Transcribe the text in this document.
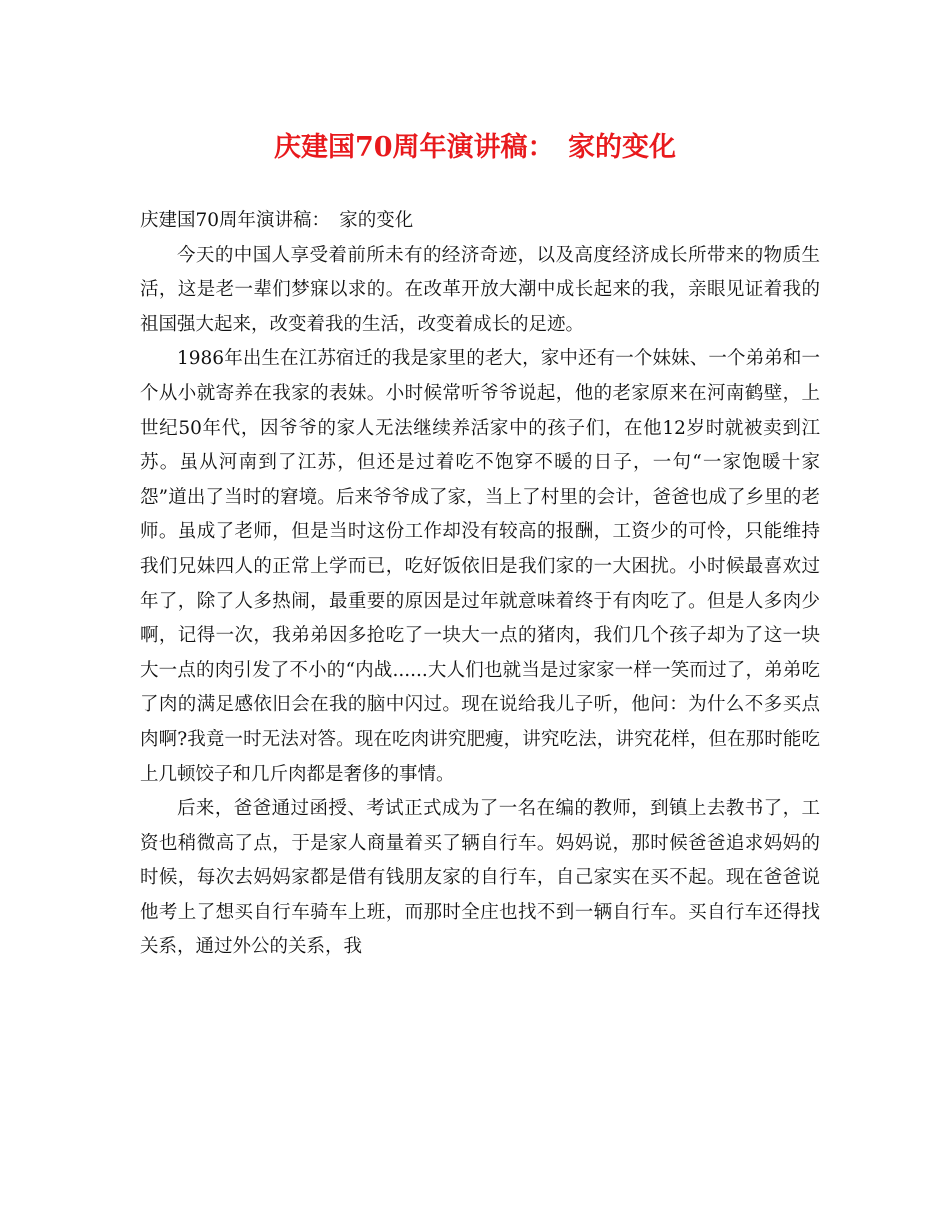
庆建国70周年演讲稿：　家的变化

庆建国70周年演讲稿：　家的变化

今天的中国人享受着前所未有的经济奇迹，以及高度经济成长所带来的物质生活，这是老一辈们梦寐以求的。在改革开放大潮中成长起来的我，亲眼见证着我的祖国强大起来，改变着我的生活，改变着成长的足迹。

1986年出生在江苏宿迁的我是家里的老大，家中还有一个妹妹、一个弟弟和一个从小就寄养在我家的表妹。小时候常听爷爷说起，他的老家原来在河南鹤壁，上世纪50年代，因爷爷的家人无法继续养活家中的孩子们，在他12岁时就被卖到江苏。虽从河南到了江苏，但还是过着吃不饱穿不暖的日子，一句“一家饱暖十家怨”道出了当时的窘境。后来爷爷成了家，当上了村里的会计，爸爸也成了乡里的老师。虽成了老师，但是当时这份工作却没有较高的报酬，工资少的可怜，只能维持我们兄妹四人的正常上学而已，吃好饭依旧是我们家的一大困扰。小时候最喜欢过年了，除了人多热闹，最重要的原因是过年就意味着终于有肉吃了。但是人多肉少啊，记得一次，我弟弟因多抢吃了一块大一点的猪肉，我们几个孩子却为了这一块大一点的肉引发了不小的“内战......大人们也就当是过家家一样一笑而过了，弟弟吃了肉的满足感依旧会在我的脑中闪过。现在说给我儿子听，他问：为什么不多买点肉啊?我竟一时无法对答。现在吃肉讲究肥瘦，讲究吃法，讲究花样，但在那时能吃上几顿饺子和几斤肉都是奢侈的事情。

后来，爸爸通过函授、考试正式成为了一名在编的教师，到镇上去教书了，工资也稍微高了点，于是家人商量着买了辆自行车。妈妈说，那时候爸爸追求妈妈的时候，每次去妈妈家都是借有钱朋友家的自行车，自己家实在买不起。现在爸爸说他考上了想买自行车骑车上班，而那时全庄也找不到一辆自行车。买自行车还得找关系，通过外公的关系，我
